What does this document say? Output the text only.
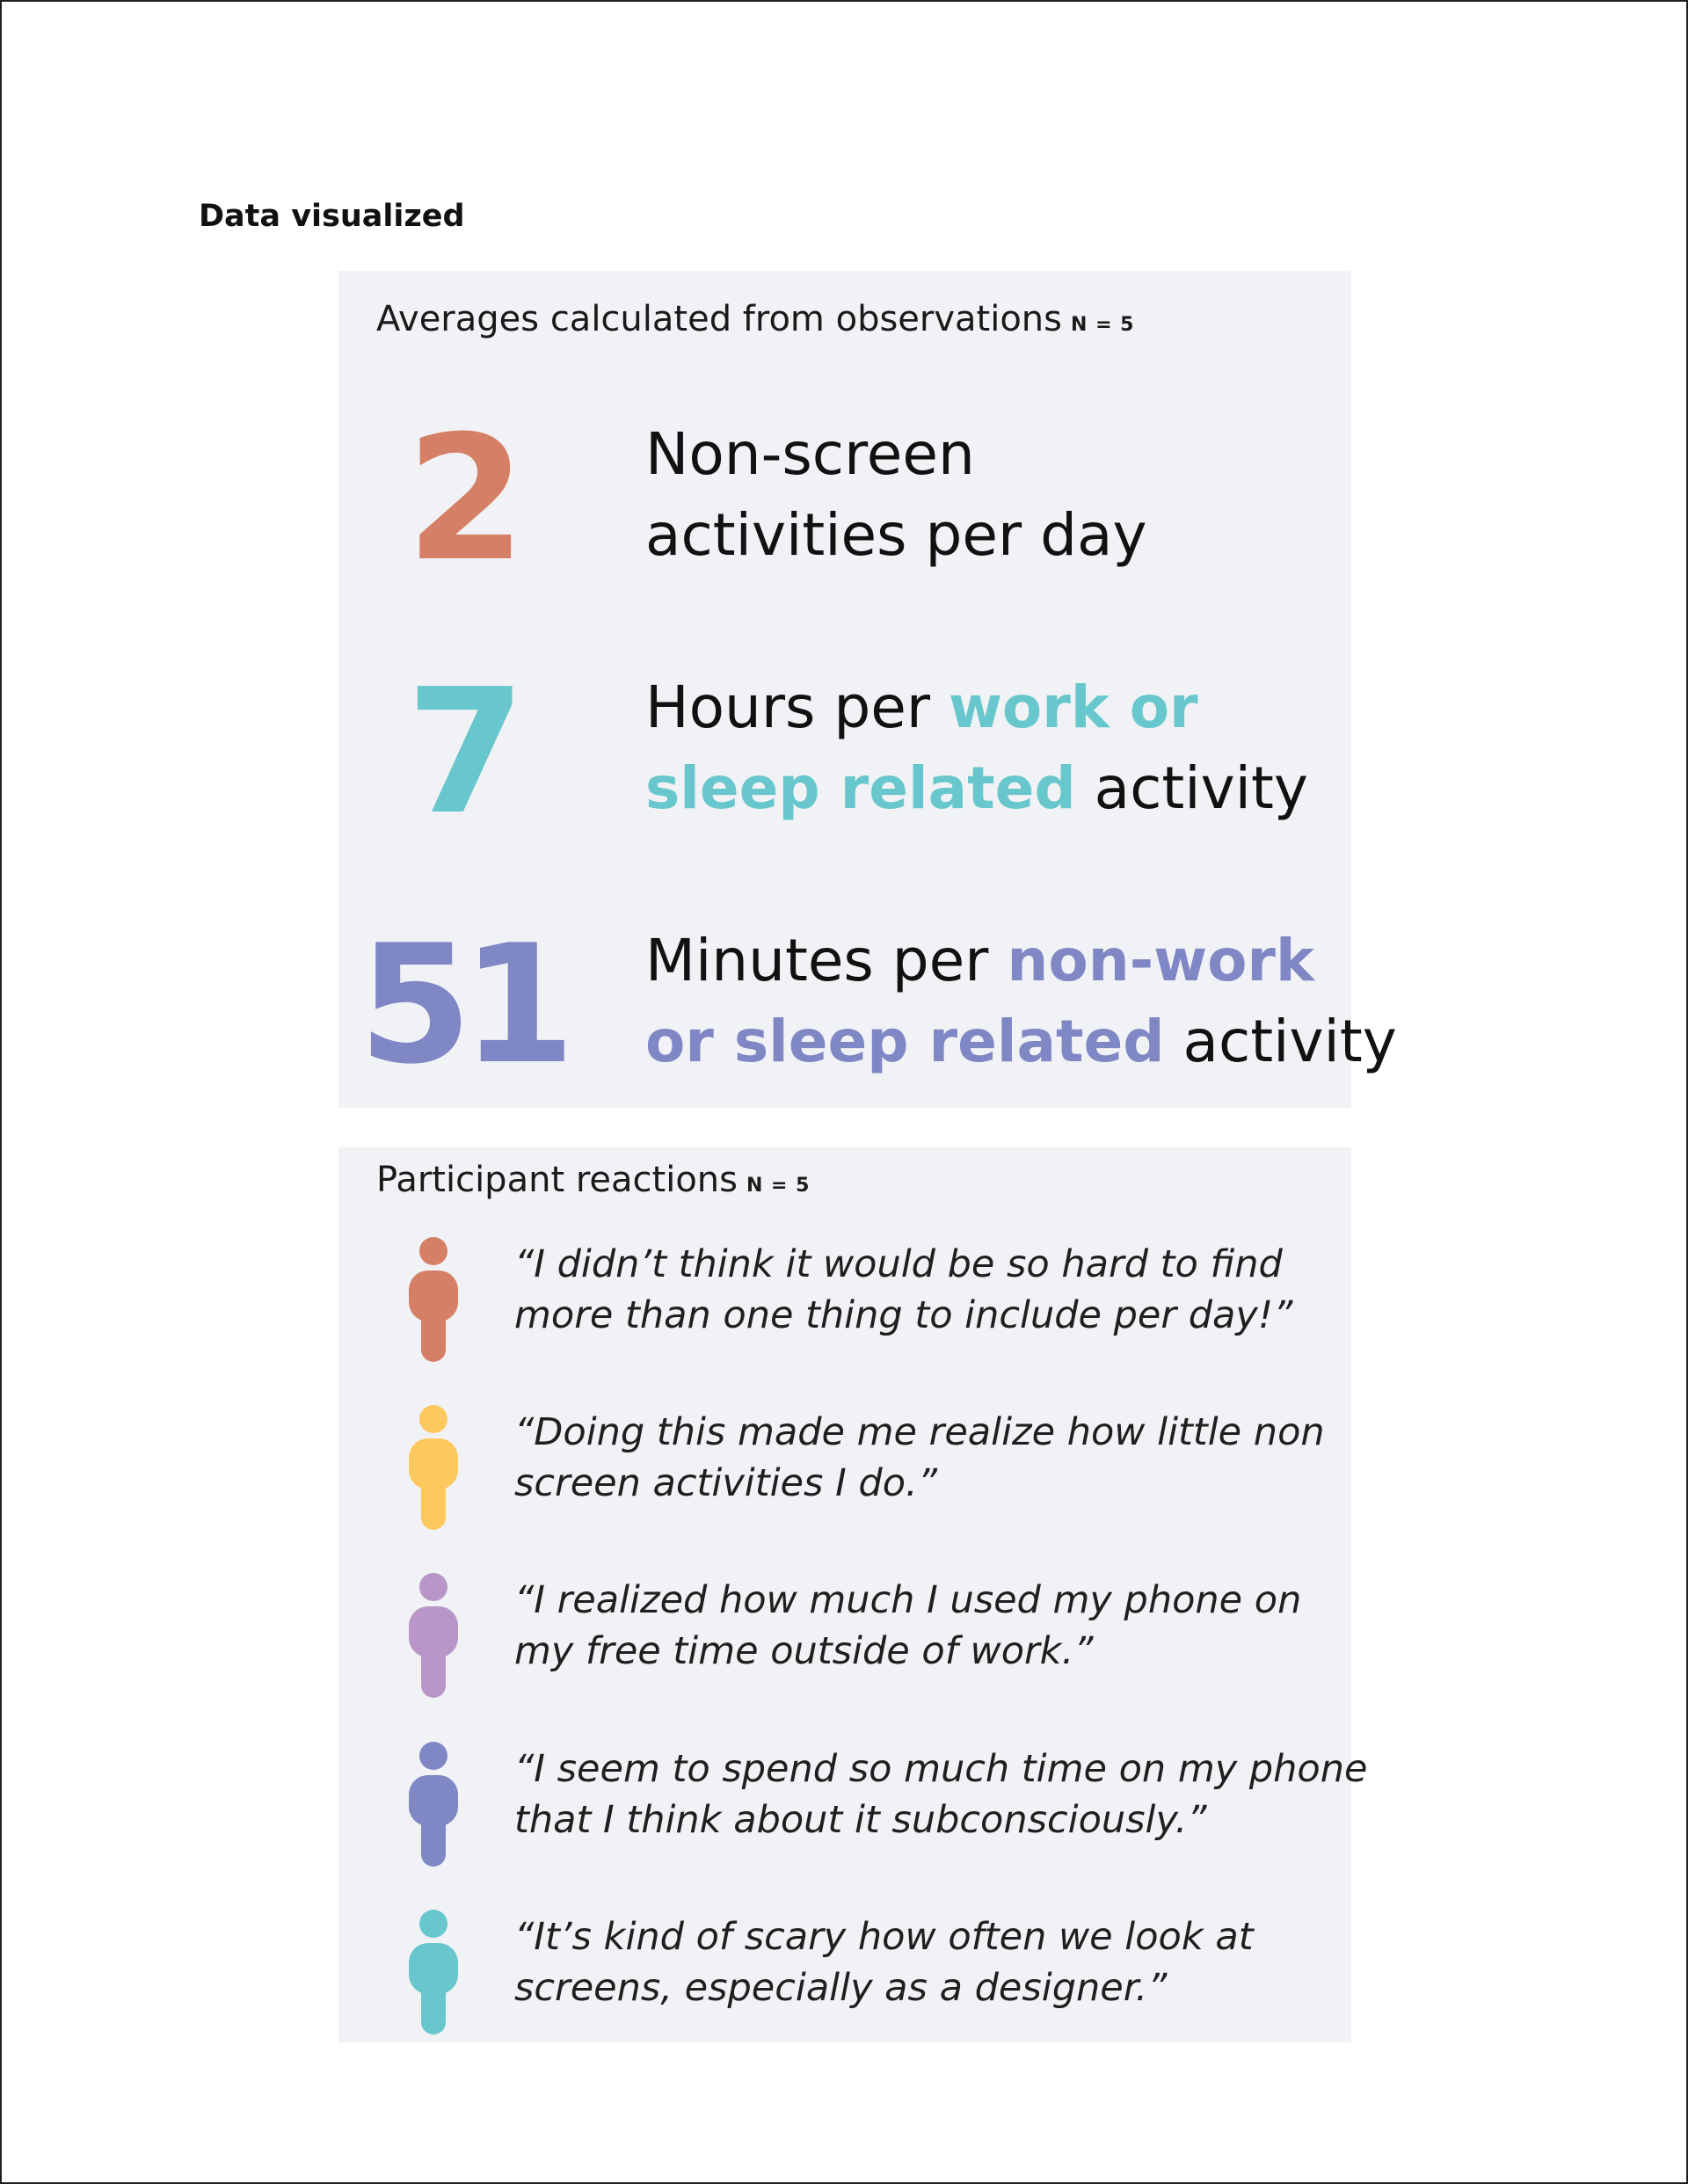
Data visualized
Averages calculated from observations N = 5
2	Non-screen
activities per day
7	Hours per work or
sleep related activity
51 Minutes per non-work
or sleep related activity
Participant reactions N = 5
“I didn’t think it would be so hard to find
more than one thing to include per day!”
“Doing this made me realize how little non
screen activities I do.”
“I realized how much I used my phone on
my free time outside of work.”
“I seem to spend so much time on my phone
that I think about it subconsciously.”
“It’s kind of scary how often we look at
screens, especially as a designer.”
